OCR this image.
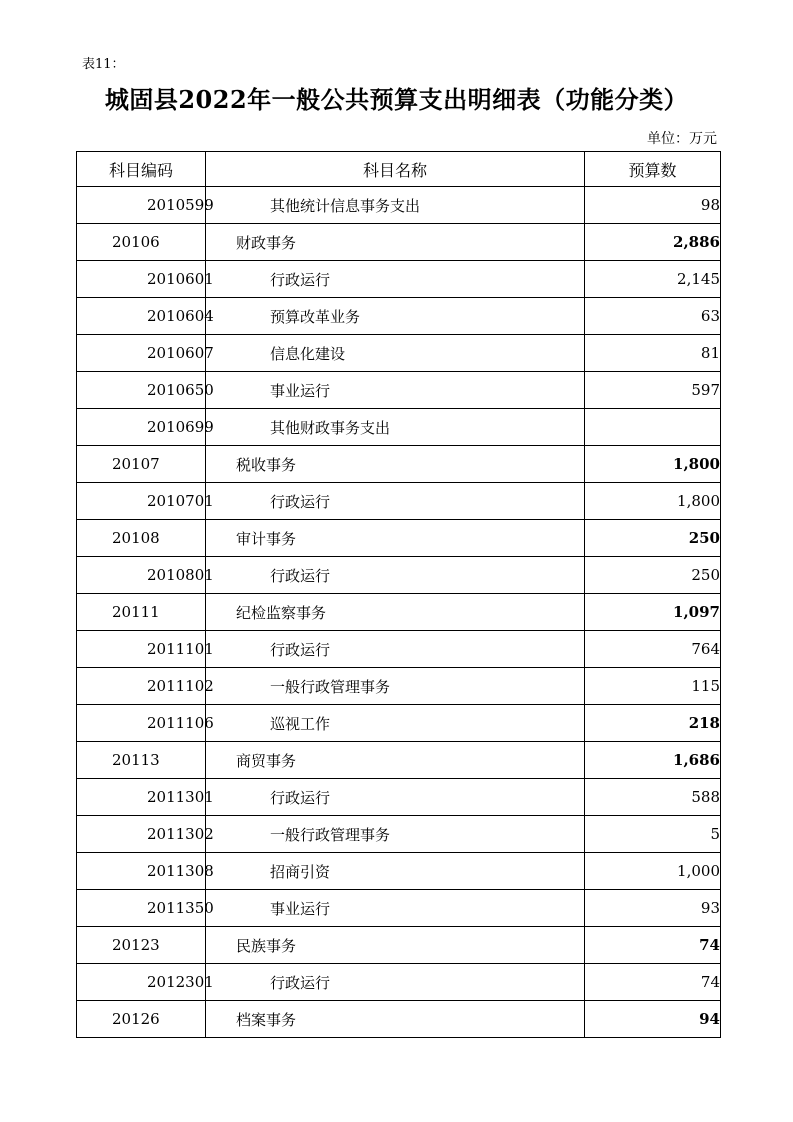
表11：
城固县2022年一般公共预算支出明细表（功能分类）
单位：万元
科目编码	科目名称	预算数
2010599	其他统计信息事务支出	98
20106	财政事务	2,886
2010601	行政运行	2,145
2010604	预算改革业务	63
2010607	信息化建设	81
2010650	事业运行	597
2010699	其他财政事务支出	
20107	税收事务	1,800
2010701	行政运行	1,800
20108	审计事务	250
2010801	行政运行	250
20111	纪检监察事务	1,097
2011101	行政运行	764
2011102	一般行政管理事务	115
2011106	巡视工作	218
20113	商贸事务	1,686
2011301	行政运行	588
2011302	一般行政管理事务	5
2011308	招商引资	1,000
2011350	事业运行	93
20123	民族事务	74
2012301	行政运行	74
20126	档案事务	94
